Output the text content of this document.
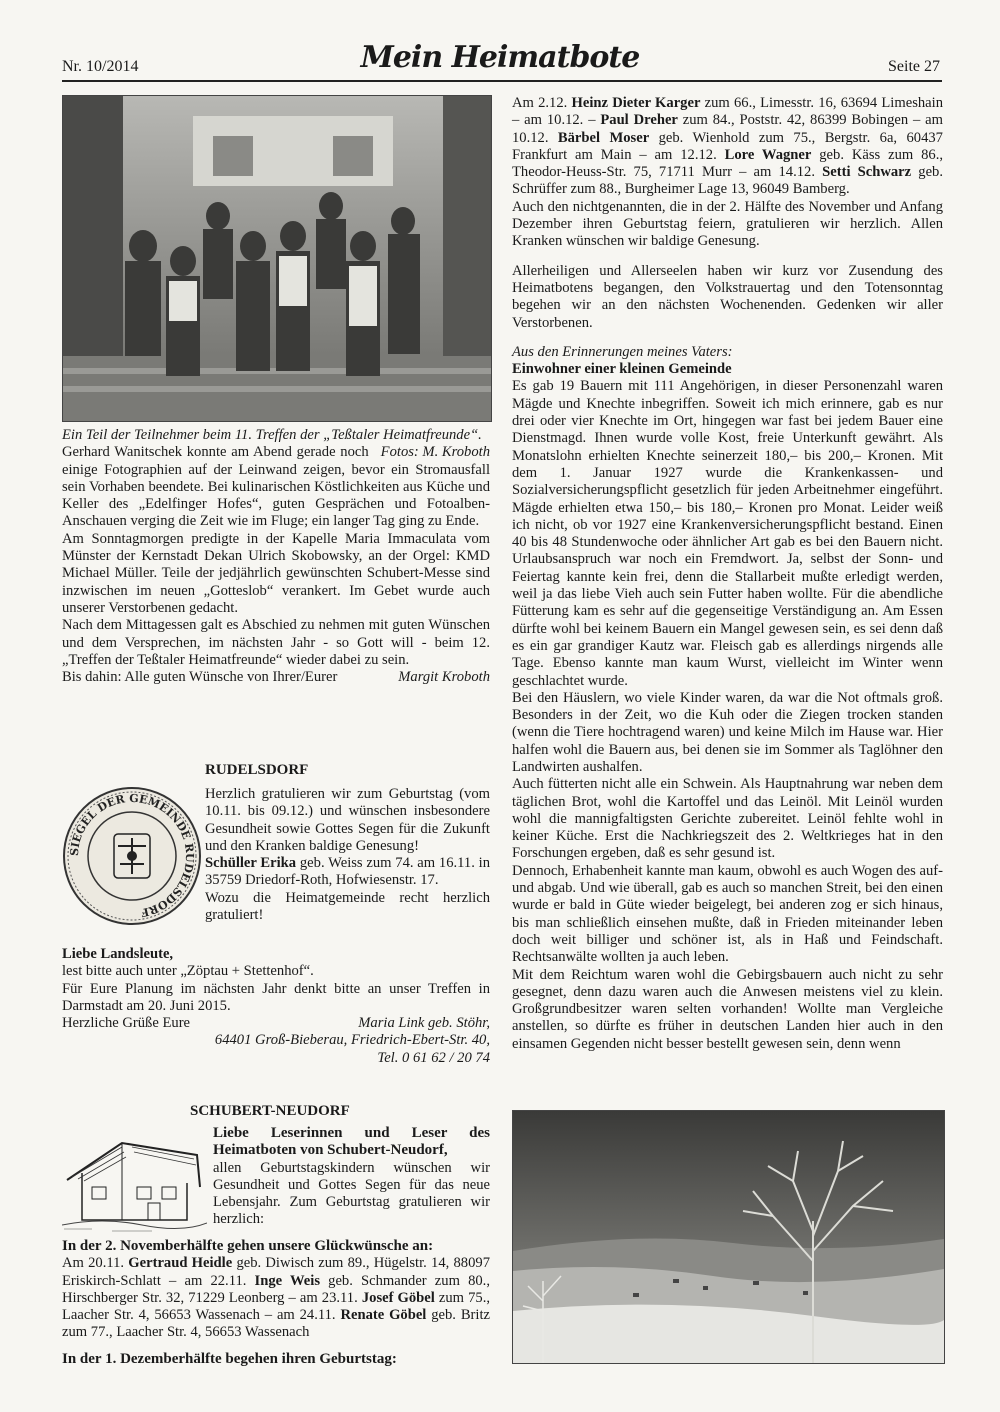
Nr. 10/2014	Mein Heimatbote	Seite 27

Ein Teil der Teilnehmer beim 11. Treffen der „Teßtaler Heimatfreunde“.
Fotos: M. Kroboth

Gerhard Wanitschek konnte am Abend gerade noch einige Fotographien auf der Leinwand zeigen, bevor ein Stromausfall sein Vorhaben beendete. Bei kulinarischen Köstlichkeiten aus Küche und Keller des „Edelfinger Hofes“, guten Gesprächen und Fotoalben-Anschauen verging die Zeit wie im Fluge; ein langer Tag ging zu Ende.

Am Sonntagmorgen predigte in der Kapelle Maria Immaculata vom Münster der Kernstadt Dekan Ulrich Skobowsky, an der Orgel: KMD Michael Müller. Teile der jedjährlich gewünschten Schubert-Messe sind inzwischen im neuen „Gotteslob“ verankert. Im Gebet wurde auch unserer Verstorbenen gedacht.

Nach dem Mittagessen galt es Abschied zu nehmen mit guten Wünschen und dem Versprechen, im nächsten Jahr - so Gott will - beim 12. „Treffen der Teßtaler Heimatfreunde“ wieder dabei zu sein.

Bis dahin: Alle guten Wünsche von Ihrer/Eurer	Margit Kroboth

RUDELSDORF
SIEGEL DER GEMEINDE RUDELSDORF

Herzlich gratulieren wir zum Geburtstag (vom 10.11. bis 09.12.) und wünschen insbesondere Gesundheit sowie Gottes Segen für die Zukunft und den Kranken baldige Genesung!

Schüller Erika geb. Weiss zum 74. am 16.11. in 35759 Driedorf-Roth, Hofwiesenstr. 17.

Wozu die Heimatgemeinde recht herzlich gratuliert!

Liebe Landsleute,

lest bitte auch unter „Zöptau + Stettenhof“.

Für Eure Planung im nächsten Jahr denkt bitte an unser Treffen in Darmstadt am 20. Juni 2015.

Herzliche Grüße Eure	Maria Link geb. Stöhr,

64401 Groß-Bieberau, Friedrich-Ebert-Str. 40,

Tel. 0 61 62 / 20 74

SCHUBERT-NEUDORF

Liebe Leserinnen und Leser des Heimatboten von Schubert-Neudorf,

allen Geburtstagskindern wünschen wir Gesundheit und Gottes Segen für das neue Lebensjahr. Zum Geburtstag gratulieren wir herzlich:

In der 2. Novemberhälfte gehen unsere Glückwünsche an:

Am 20.11. Gertraud Heidle geb. Diwisch zum 89., Hügelstr. 14, 88097 Eriskirch-Schlatt – am 22.11. Inge Weis geb. Schmander zum 80., Hirschberger Str. 32, 71229 Leonberg – am 23.11. Josef Göbel zum 75., Laacher Str. 4, 56653 Wassenach – am 24.11. Renate Göbel geb. Britz zum 77., Laacher Str. 4, 56653 Wassenach

In der 1. Dezemberhälfte begehen ihren Geburtstag:

Am 2.12. Heinz Dieter Karger zum 66., Limesstr. 16, 63694 Limeshain – am 10.12. – Paul Dreher zum 84., Poststr. 42, 86399 Bobingen – am 10.12. Bärbel Moser geb. Wienhold zum 75., Bergstr. 6a, 60437 Frankfurt am Main – am 12.12. Lore Wagner geb. Käss zum 86., Theodor-Heuss-Str. 75, 71711 Murr – am 14.12. Setti Schwarz geb. Schrüffer zum 88., Burgheimer Lage 13, 96049 Bamberg.

Auch den nichtgenannten, die in der 2. Hälfte des November und Anfang Dezember ihren Geburtstag feiern, gratulieren wir herzlich. Allen Kranken wünschen wir baldige Genesung.

Allerheiligen und Allerseelen haben wir kurz vor Zusendung des Heimatbotens begangen, den Volkstrauertag und den Totensonntag begehen wir an den nächsten Wochenenden. Gedenken wir aller Verstorbenen.

Aus den Erinnerungen meines Vaters:

Einwohner einer kleinen Gemeinde

Es gab 19 Bauern mit 111 Angehörigen, in dieser Personenzahl waren Mägde und Knechte inbegriffen. Soweit ich mich erinnere, gab es nur drei oder vier Knechte im Ort, hingegen war fast bei jedem Bauer eine Dienstmagd. Ihnen wurde volle Kost, freie Unterkunft gewährt. Als Monatslohn erhielten Knechte seinerzeit 180,– bis 200,– Kronen. Mit dem 1. Januar 1927 wurde die Krankenkassen- und Sozialversicherungspflicht gesetzlich für jeden Arbeitnehmer eingeführt. Mägde erhielten etwa 150,– bis 180,– Kronen pro Monat. Leider weiß ich nicht, ob vor 1927 eine Krankenversicherungspflicht bestand. Einen 40 bis 48 Stundenwoche oder ähnlicher Art gab es bei den Bauern nicht. Urlaubsanspruch war noch ein Fremdwort. Ja, selbst der Sonn- und Feiertag kannte kein frei, denn die Stallarbeit mußte erledigt werden, weil ja das liebe Vieh auch sein Futter haben wollte. Für die abendliche Fütterung kam es sehr auf die gegenseitige Verständigung an. Am Essen dürfte wohl bei keinem Bauern ein Mangel gewesen sein, es sei denn daß es ein gar grandiger Kautz war. Fleisch gab es allerdings nirgends alle Tage. Ebenso kannte man kaum Wurst, vielleicht im Winter wenn geschlachtet wurde.

Bei den Häuslern, wo viele Kinder waren, da war die Not oftmals groß. Besonders in der Zeit, wo die Kuh oder die Ziegen trocken standen (wenn die Tiere hochtragend waren) und keine Milch im Hause war. Hier halfen wohl die Bauern aus, bei denen sie im Sommer als Taglöhner den Landwirten aushalfen.

Auch fütterten nicht alle ein Schwein. Als Hauptnahrung war neben dem täglichen Brot, wohl die Kartoffel und das Leinöl. Mit Leinöl wurden wohl die mannigfaltigsten Gerichte zubereitet. Leinöl fehlte wohl in keiner Küche. Erst die Nachkriegszeit des 2. Weltkrieges hat in den Forschungen ergeben, daß es sehr gesund ist.

Dennoch, Erhabenheit kannte man kaum, obwohl es auch Wogen des auf- und abgab. Und wie überall, gab es auch so manchen Streit, bei den einen wurde er bald in Güte wieder beigelegt, bei anderen zog er sich hinaus, bis man schließlich einsehen mußte, daß in Frieden miteinander leben doch weit billiger und schöner ist, als in Haß und Feindschaft. Rechtsanwälte wollten ja auch leben.

Mit dem Reichtum waren wohl die Gebirgsbauern auch nicht zu sehr gesegnet, denn dazu waren auch die Anwesen meistens viel zu klein. Großgrundbesitzer waren selten vorhanden! Wollte man Vergleiche anstellen, so dürfte es früher in deutschen Landen hier auch in den einsamen Gegenden nicht besser bestellt gewesen sein, denn wenn
